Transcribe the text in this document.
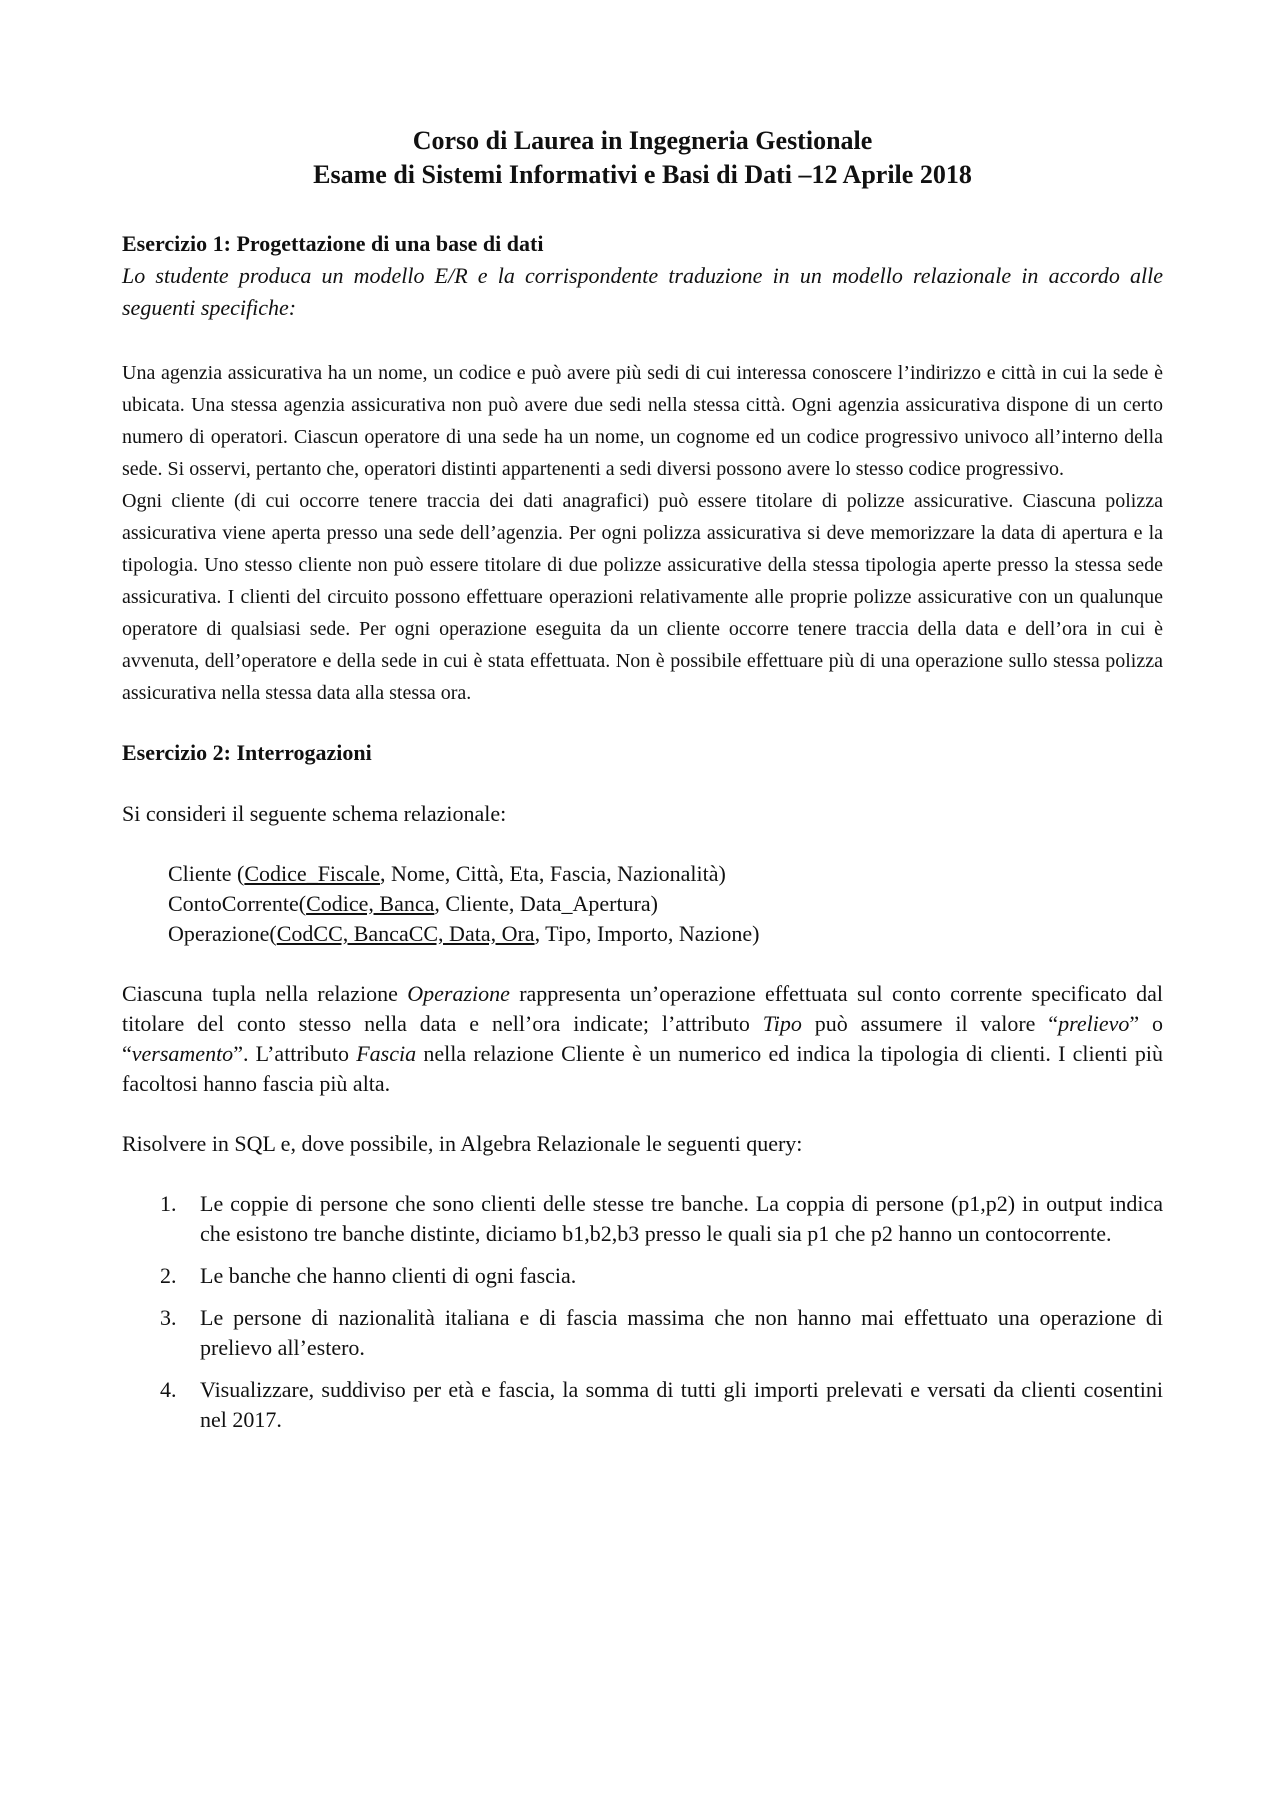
Corso di Laurea in Ingegneria Gestionale
Esame di Sistemi Informativi e Basi di Dati –12 Aprile 2018
Esercizio 1: Progettazione di una base di dati
Lo studente produca un modello E/R e la corrispondente traduzione in un modello relazionale in accordo alle seguenti specifiche:

Una agenzia assicurativa ha un nome, un codice e può avere più sedi di cui interessa conoscere l’indirizzo e città in cui la sede è ubicata. Una stessa agenzia assicurativa non può avere due sedi nella stessa città. Ogni agenzia assicurativa dispone di un certo numero di operatori. Ciascun operatore di una sede ha un nome, un cognome ed un codice progressivo univoco all’interno della sede. Si osservi, pertanto che, operatori distinti appartenenti a sedi diversi possono avere lo stesso codice progressivo.

Ogni cliente (di cui occorre tenere traccia dei dati anagrafici) può essere titolare di polizze assicurative. Ciascuna polizza assicurativa viene aperta presso una sede dell’agenzia. Per ogni polizza assicurativa si deve memorizzare la data di apertura e la tipologia. Uno stesso cliente non può essere titolare di due polizze assicurative della stessa tipologia aperte presso la stessa sede assicurativa. I clienti del circuito possono effettuare operazioni relativamente alle proprie polizze assicurative con un qualunque operatore di qualsiasi sede. Per ogni operazione eseguita da un cliente occorre tenere traccia della data e dell’ora in cui è avvenuta, dell’operatore e della sede in cui è stata effettuata. Non è possibile effettuare più di una operazione sullo stessa polizza assicurativa nella stessa data alla stessa ora.

Esercizio 2: Interrogazioni
Si consideri il seguente schema relazionale:
Cliente (Codice_Fiscale, Nome, Città, Eta, Fascia, Nazionalità)
ContoCorrente(Codice, Banca, Cliente, Data_Apertura)
Operazione(CodCC, BancaCC, Data, Ora, Tipo, Importo, Nazione)
Ciascuna tupla nella relazione Operazione rappresenta un’operazione effettuata sul conto corrente specificato dal titolare del conto stesso nella data e nell’ora indicate; l’attributo Tipo può assumere il valore “prelievo” o “versamento”. L’attributo Fascia nella relazione Cliente è un numerico ed indica la tipologia di clienti. I clienti più facoltosi hanno fascia più alta.
Risolvere in SQL e, dove possibile, in Algebra Relazionale le seguenti query:
1.	Le coppie di persone che sono clienti delle stesse tre banche. La coppia di persone (p1,p2) in output indica che esistono tre banche distinte, diciamo b1,b2,b3 presso le quali sia p1 che p2 hanno un contocorrente.
2.	Le banche che hanno clienti di ogni fascia.
3.	Le persone di nazionalità italiana e di fascia massima che non hanno mai effettuato una operazione di prelievo all’estero.
4.	Visualizzare, suddiviso per età e fascia, la somma di tutti gli importi prelevati e versati da clienti cosentini nel 2017.
